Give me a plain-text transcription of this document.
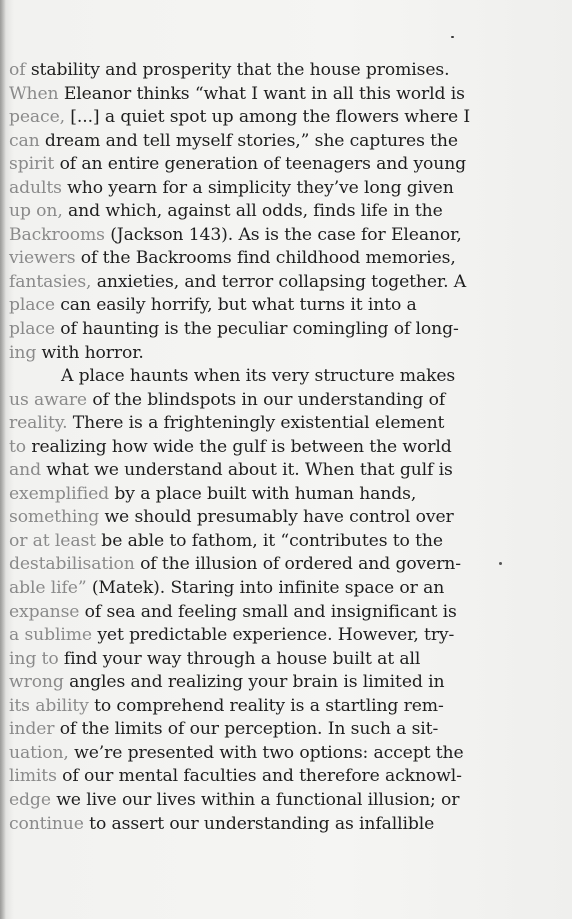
of stability and prosperity that the house promises.
When Eleanor thinks “what I want in all this world is
peace, [...] a quiet spot up among the flowers where I
can dream and tell myself stories,” she captures the
spirit of an entire generation of teenagers and young
adults who yearn for a simplicity they’ve long given
up on, and which, against all odds, finds life in the
Backrooms (Jackson 143). As is the case for Eleanor,
viewers of the Backrooms find childhood memories,
fantasies, anxieties, and terror collapsing together. A
place can easily horrify, but what turns it into a
place of haunting is the peculiar comingling of long-
ing with horror.
A place haunts when its very structure makes
us aware of the blindspots in our understanding of
reality. There is a frighteningly existential element
to realizing how wide the gulf is between the world
and what we understand about it. When that gulf is
exemplified by a place built with human hands,
something we should presumably have control over
or at least be able to fathom, it “contributes to the
destabilisation of the illusion of ordered and govern-
able life” (Matek). Staring into infinite space or an
expanse of sea and feeling small and insignificant is
a sublime yet predictable experience. However, try-
ing to find your way through a house built at all
wrong angles and realizing your brain is limited in
its ability to comprehend reality is a startling rem-
inder of the limits of our perception. In such a sit-
uation, we’re presented with two options: accept the
limits of our mental faculties and therefore acknowl-
edge we live our lives within a functional illusion; or
continue to assert our understanding as infallible
